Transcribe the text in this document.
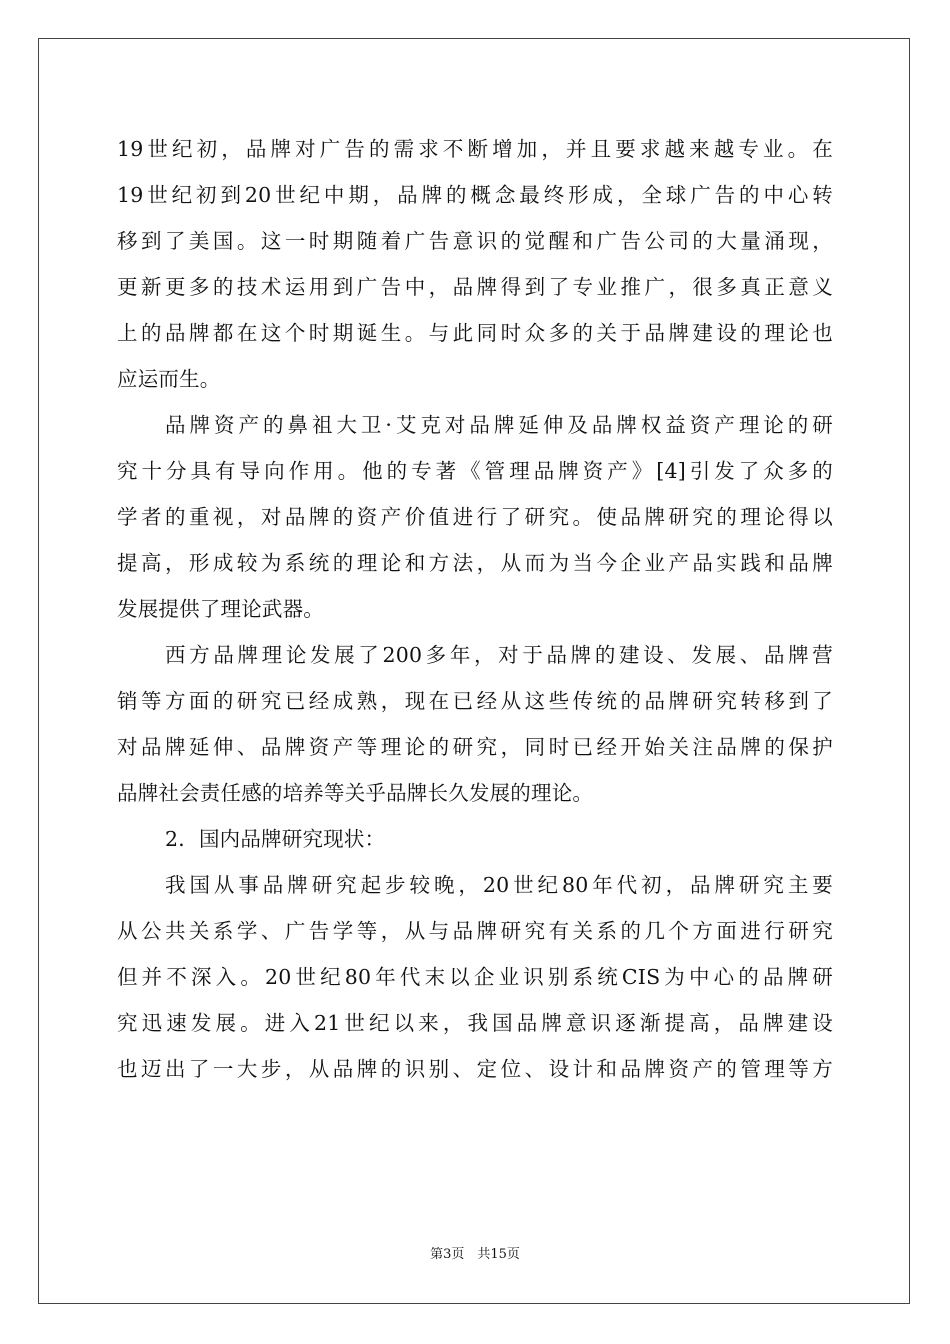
19世纪初，品牌对广告的需求不断增加，并且要求越来越专业。在
19世纪初到20世纪中期，品牌的概念最终形成，全球广告的中心转
移到了美国。这一时期随着广告意识的觉醒和广告公司的大量涌现，
更新更多的技术运用到广告中，品牌得到了专业推广，很多真正意义
上的品牌都在这个时期诞生。与此同时众多的关于品牌建设的理论也
应运而生。
品牌资产的鼻祖大卫·艾克对品牌延伸及品牌权益资产理论的研
究十分具有导向作用。他的专著《管理品牌资产》[4]引发了众多的
学者的重视，对品牌的资产价值进行了研究。使品牌研究的理论得以
提高，形成较为系统的理论和方法，从而为当今企业产品实践和品牌
发展提供了理论武器。
西方品牌理论发展了200多年，对于品牌的建设、发展、品牌营
销等方面的研究已经成熟，现在已经从这些传统的品牌研究转移到了
对品牌延伸、品牌资产等理论的研究，同时已经开始关注品牌的保护
品牌社会责任感的培养等关乎品牌长久发展的理论。
2．国内品牌研究现状：
我国从事品牌研究起步较晚，20世纪80年代初，品牌研究主要
从公共关系学、广告学等，从与品牌研究有关系的几个方面进行研究
但并不深入。20世纪80年代末以企业识别系统CIS为中心的品牌研
究迅速发展。进入21世纪以来，我国品牌意识逐渐提高，品牌建设
也迈出了一大步，从品牌的识别、定位、设计和品牌资产的管理等方
第3页　共15页
